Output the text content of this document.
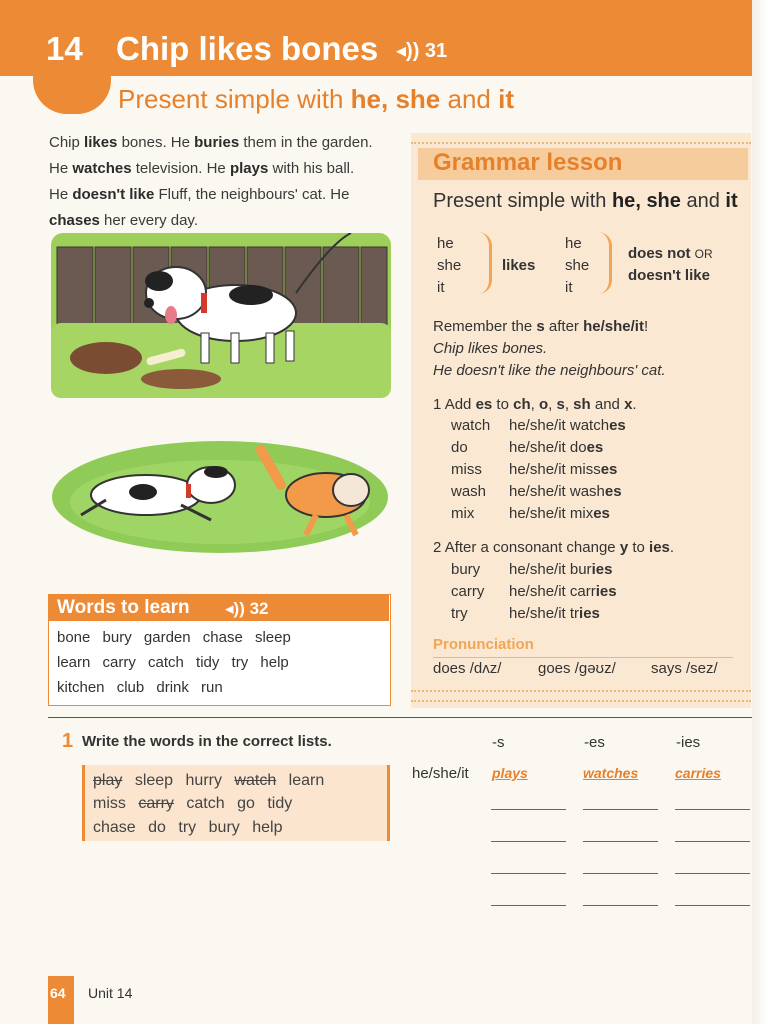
14 Chip likes bones ◂)) 31
Present simple with he, she and it
Chip likes bones. He buries them in the garden.
He watches television. He plays with his ball.
He doesn't like Fluff, the neighbours' cat. He
chases her every day.
Words to learn ◂)) 32
bone bury garden chase sleep
learn carry catch tidy try help
kitchen club drink run
Grammar lesson
Present simple with he, she and it
he
she
it
likes
he
she
it
does not OR
doesn't like
Remember the s after he/she/it!
Chip likes bones.
He doesn't like the neighbours' cat.
1 Add es to ch, o, s, sh and x.
watch he/she/it watches
do	he/she/it does
miss he/she/it misses
wash he/she/it washes
mix he/she/it mixes
2 After a consonant change y to ies.
bury he/she/it buries
carry he/she/it carries
try	he/she/it tries
Pronunciation
does /dʌz/ goes /gəʊz/ says /sez/
1 Write the words in the correct lists.
play sleep hurry watch learn
miss carry catch go tidy
chase do try bury help
-s	-es	-ies
he/she/it plays	watches	carries
64 Unit 14
